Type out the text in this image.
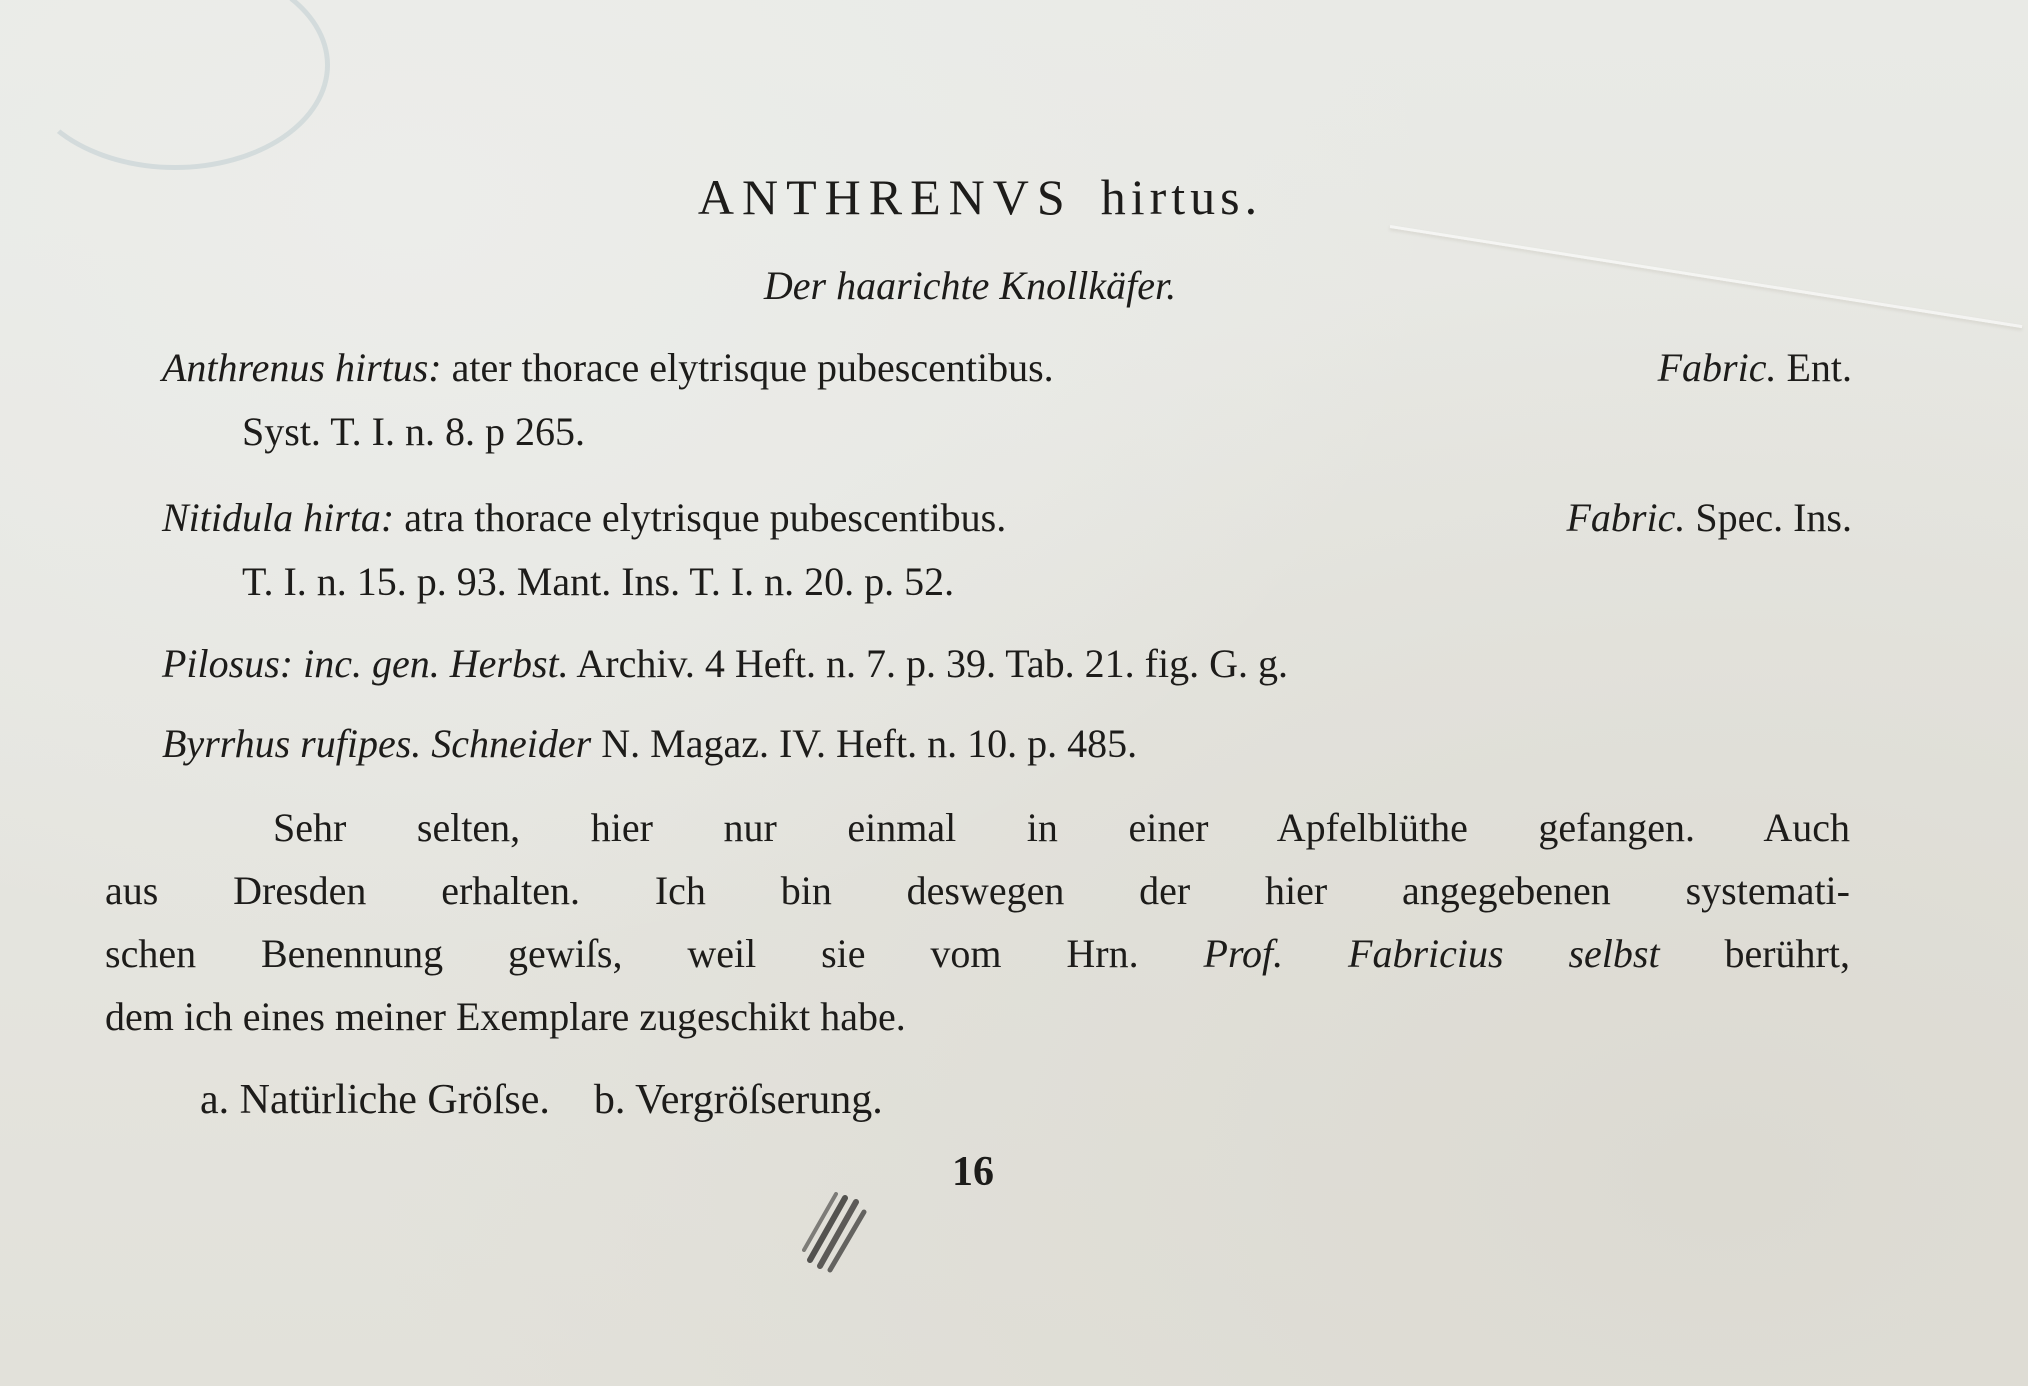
ANTHRENVS hirtus.
Der haarichte Knollkäfer.
Anthrenus hirtus: ater thorace elytrisque pubescentibus.	Fabric. Ent.
Syst. T. I. n. 8. p 265.
Nitidula hirta: atra thorace elytrisque pubescentibus.	Fabric. Spec. Ins.
T. I. n. 15. p. 93. Mant. Ins. T. I. n. 20. p. 52.
Pilosus: inc. gen. Herbst. Archiv. 4 Heft. n. 7. p. 39. Tab. 21. fig. G. g.
Byrrhus rufipes. Schneider N. Magaz. IV. Heft. n. 10. p. 485.
Sehr selten, hier nur einmal in einer Apfelblüthe gefangen. Auch
aus Dresden erhalten. Ich bin deswegen der hier angegebenen systemati-
schen Benennung gewiſs, weil sie vom Hrn. Prof. Fabricius selbst berührt,
dem ich eines meiner Exemplare zugeschikt habe.
a. Natürliche Gröſse. b. Vergröſserung.
16
